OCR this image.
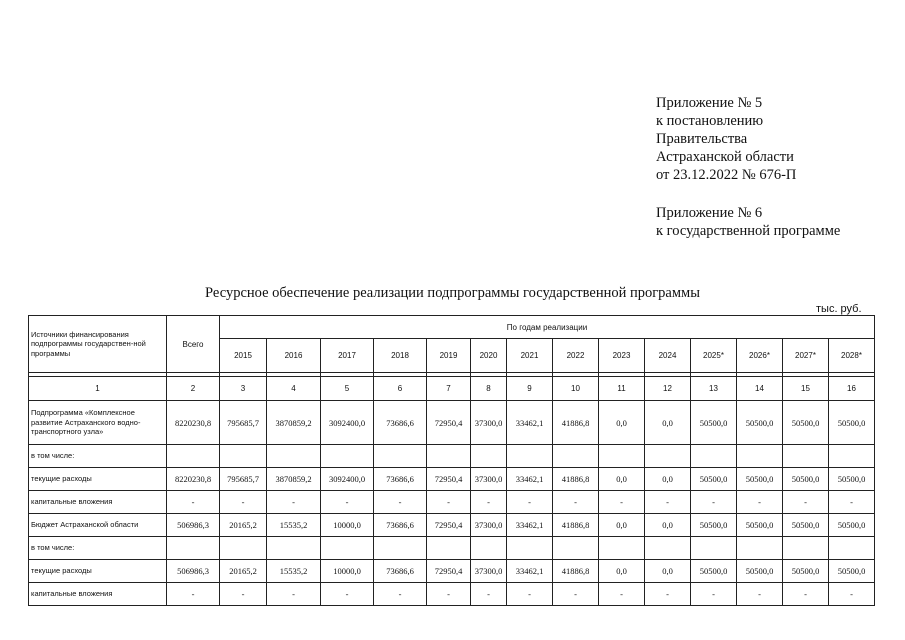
Приложение № 5
к постановлению
Правительства
Астраханской области
от 23.12.2022 № 676-П
Приложение № 6
к государственной программе
Ресурсное обеспечение реализации подпрограммы государственной программы
тыс. руб.
Источники финансирования подпрограммы государствен-ной программы	Всего	По годам реализации													
		2015	2016	2017	2018	2019	2020	2021	2022	2023	2024	2025*	2026*	2027*	2028*

1	2	3	4	5	6	7	8	9	10	11	12	13	14	15	16
Подпрограмма «Комплексное развитие Астраханского водно-транспортного узла»	8220230,8	795685,7	3870859,2	3092400,0	73686,6	72950,4	37300,0	33462,1	41886,8	0,0	0,0	50500,0	50500,0	50500,0	50500,0
в том числе:															
текущие расходы	8220230,8	795685,7	3870859,2	3092400,0	73686,6	72950,4	37300,0	33462,1	41886,8	0,0	0,0	50500,0	50500,0	50500,0	50500,0
капитальные вложения	-	-	-	-	-	-	-	-	-	-	-	-	-	-	-
Бюджет Астраханской области	506986,3	20165,2	15535,2	10000,0	73686,6	72950,4	37300,0	33462,1	41886,8	0,0	0,0	50500,0	50500,0	50500,0	50500,0
в том числе:															
текущие расходы	506986,3	20165,2	15535,2	10000,0	73686,6	72950,4	37300,0	33462,1	41886,8	0,0	0,0	50500,0	50500,0	50500,0	50500,0
капитальные вложения	-	-	-	-	-	-	-	-	-	-	-	-	-	-	-
